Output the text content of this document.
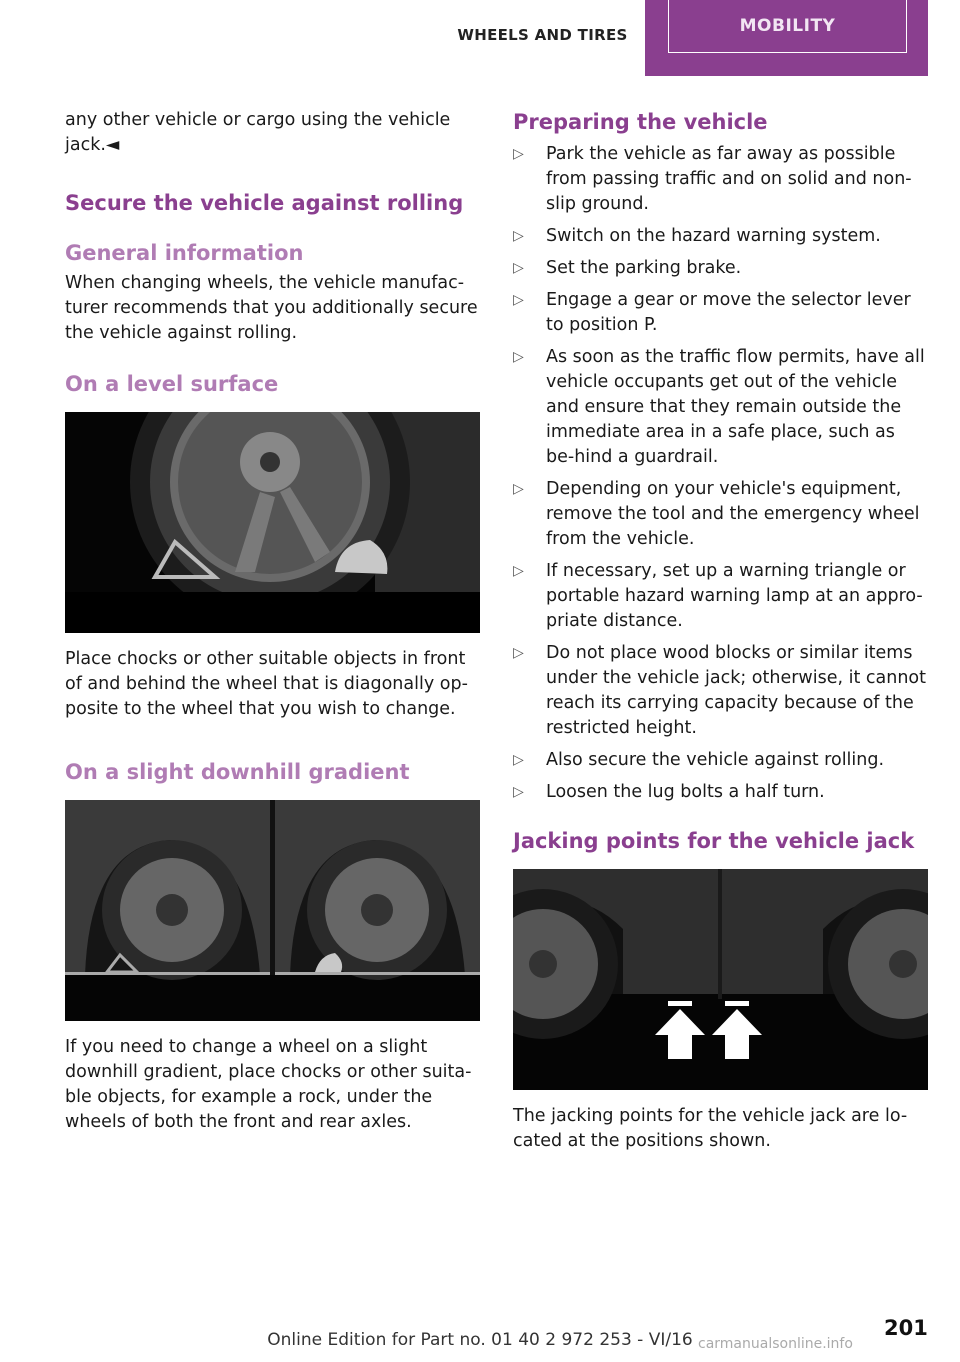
WHEELS AND TIRES	MOBILITY

any other vehicle or cargo using the vehicle jack.◄

Secure the vehicle against rolling
General information

When changing wheels, the vehicle manufac-turer recommends that you additionally secure the vehicle against rolling.

On a level surface

Place chocks or other suitable objects in front of and behind the wheel that is diagonally op-posite to the wheel that you wish to change.

On a slight downhill gradient

If you need to change a wheel on a slight downhill gradient, place chocks or other suita-ble objects, for example a rock, under the wheels of both the front and rear axles.

Preparing the vehicle
▷ Park the vehicle as far away as possible from passing traffic and on solid and non-slip ground.
▷ Switch on the hazard warning system.
▷ Set the parking brake.
▷ Engage a gear or move the selector lever to position P.
▷ As soon as the traffic flow permits, have all vehicle occupants get out of the vehicle and ensure that they remain outside the immediate area in a safe place, such as be-hind a guardrail.
▷ Depending on your vehicle's equipment, remove the tool and the emergency wheel from the vehicle.
▷ If necessary, set up a warning triangle or portable hazard warning lamp at an appro-priate distance.
▷ Do not place wood blocks or similar items under the vehicle jack; otherwise, it cannot reach its carrying capacity because of the restricted height.
▷ Also secure the vehicle against rolling.
▷ Loosen the lug bolts a half turn.
Jacking points for the vehicle jack

The jacking points for the vehicle jack are lo-cated at the positions shown.

201
Online Edition for Part no. 01 40 2 972 253 - VI/16 carmanualsonline.info
